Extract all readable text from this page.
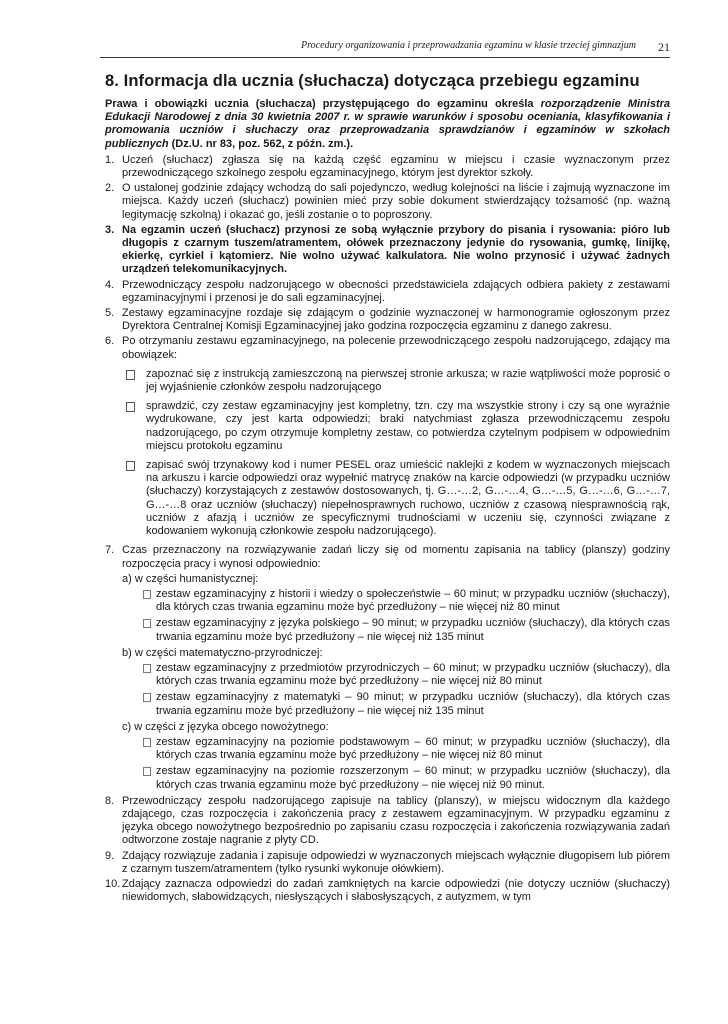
Procedury organizowania i przeprowadzania egzaminu w klasie trzeciej gimnazjum 21
8. Informacja dla ucznia (słuchacza) dotycząca przebiegu egzaminu

Prawa i obowiązki ucznia (słuchacza) przystępującego do egzaminu określa rozporządzenie Ministra Edukacji Narodowej z dnia 30 kwietnia 2007 r. w sprawie warunków i sposobu oceniania, klasyfikowania i promowania uczniów i słuchaczy oraz przeprowadzania sprawdzianów i egzaminów w szkołach publicznych (Dz.U. nr 83, poz. 562, z późn. zm.).

1. Uczeń (słuchacz) zgłasza się na każdą część egzaminu w miejscu i czasie wyznaczonym przez przewodniczącego szkolnego zespołu egzaminacyjnego, którym jest dyrektor szkoły.
2. O ustalonej godzinie zdający wchodzą do sali pojedynczo, według kolejności na liście i zajmują wyznaczone im miejsca. Każdy uczeń (słuchacz) powinien mieć przy sobie dokument stwierdzający tożsamość (np. ważną legitymację szkolną) i okazać go, jeśli zostanie o to poproszony.
3. Na egzamin uczeń (słuchacz) przynosi ze sobą wyłącznie przybory do pisania i rysowania: pióro lub długopis z czarnym tuszem/atramentem, ołówek przeznaczony jedynie do rysowania, gumkę, linijkę, ekierkę, cyrkiel i kątomierz. Nie wolno używać kalkulatora. Nie wolno przynosić i używać żadnych urządzeń telekomunikacyjnych.
4. Przewodniczący zespołu nadzorującego w obecności przedstawiciela zdających odbiera pakiety z zestawami egzaminacyjnymi i przenosi je do sali egzaminacyjnej.
5. Zestawy egzaminacyjne rozdaje się zdającym o godzinie wyznaczonej w harmonogramie ogłoszonym przez Dyrektora Centralnej Komisji Egzaminacyjnej jako godzina rozpoczęcia egzaminu z danego zakresu.
6. Po otrzymaniu zestawu egzaminacyjnego, na polecenie przewodniczącego zespołu nadzorującego, zdający ma obowiązek:
zapoznać się z instrukcją zamieszczoną na pierwszej stronie arkusza; w razie wątpliwości może poprosić o jej wyjaśnienie członków zespołu nadzorującego
sprawdzić, czy zestaw egzaminacyjny jest kompletny, tzn. czy ma wszystkie strony i czy są one wyraźnie wydrukowane, czy jest karta odpowiedzi; braki natychmiast zgłasza przewodniczącemu zespołu nadzorującego, po czym otrzymuje kompletny zestaw, co potwierdza czytelnym podpisem w odpowiednim miejscu protokołu egzaminu
zapisać swój trzynakowy kod i numer PESEL oraz umieścić naklejki z kodem w wyznaczonych miejscach na arkuszu i karcie odpowiedzi oraz wypełnić matrycę znaków na karcie odpowiedzi (w przypadku uczniów (słuchaczy) korzystających z zestawów dostosowanych, tj. G…-…2, G…-…4, G…-…5, G…-…6, G…-…7, G…-…8 oraz uczniów (słuchaczy) niepełnosprawnych ruchowo, uczniów z czasową niesprawnością rąk, uczniów z afazją i uczniów ze specyficznymi trudnościami w uczeniu się, czynności związane z kodowaniem wykonują członkowie zespołu nadzorującego).
7. Czas przeznaczony na rozwiązywanie zadań liczy się od momentu zapisania na tablicy (planszy) godziny rozpoczęcia pracy i wynosi odpowiednio:
a) w części humanistycznej:
zestaw egzaminacyjny z historii i wiedzy o społeczeństwie – 60 minut; w przypadku uczniów (słuchaczy), dla których czas trwania egzaminu może być przedłużony – nie więcej niż 80 minut
zestaw egzaminacyjny z języka polskiego – 90 minut; w przypadku uczniów (słuchaczy), dla których czas trwania egzaminu może być przedłużony – nie więcej niż 135 minut
b) w części matematyczno-przyrodniczej:
zestaw egzaminacyjny z przedmiotów przyrodniczych – 60 minut; w przypadku uczniów (słuchaczy), dla których czas trwania egzaminu może być przedłużony – nie więcej niż 80 minut
zestaw egzaminacyjny z matematyki – 90 minut; w przypadku uczniów (słuchaczy), dla których czas trwania egzaminu może być przedłużony – nie więcej niż 135 minut
c) w części z języka obcego nowożytnego:
zestaw egzaminacyjny na poziomie podstawowym – 60 minut; w przypadku uczniów (słuchaczy), dla których czas trwania egzaminu może być przedłużony – nie więcej niż 80 minut
zestaw egzaminacyjny na poziomie rozszerzonym – 60 minut; w przypadku uczniów (słuchaczy), dla których czas trwania egzaminu może być przedłużony – nie więcej niż 90 minut.
8. Przewodniczący zespołu nadzorującego zapisuje na tablicy (planszy), w miejscu widocznym dla każdego zdającego, czas rozpoczęcia i zakończenia pracy z zestawem egzaminacyjnym. W przypadku egzaminu z języka obcego nowożytnego bezpośrednio po zapisaniu czasu rozpoczęcia i zakończenia rozwiązywania zadań odtworzone zostaje nagranie z płyty CD.
9. Zdający rozwiązuje zadania i zapisuje odpowiedzi w wyznaczonych miejscach wyłącznie długopisem lub piórem z czarnym tuszem/atramentem (tylko rysunki wykonuje ołówkiem).
10. Zdający zaznacza odpowiedzi do zadań zamkniętych na karcie odpowiedzi (nie dotyczy uczniów (słuchaczy) niewidomych, słabowidzących, niesłyszących i słabosłyszących, z autyzmem, w tym
